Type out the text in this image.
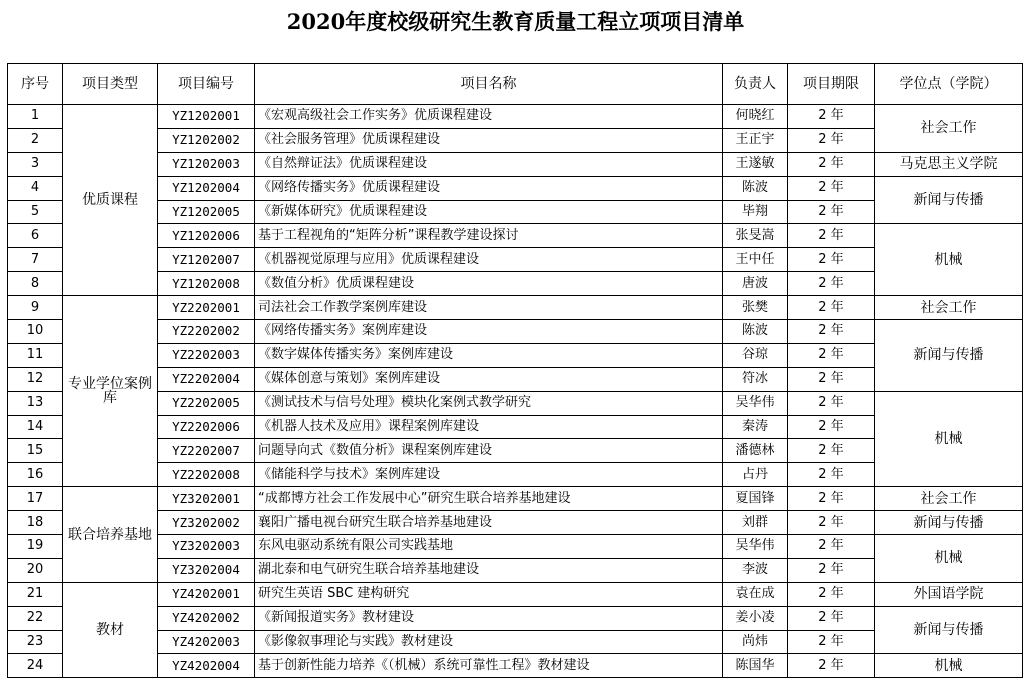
2020年度校级研究生教育质量工程立项项目清单
序号	项目类型	项目编号	项目名称	负责人	项目期限	学位点（学院）
1	优质课程	YZ1202001	《宏观高级社会工作实务》优质课程建设	何晓红	2 年	社会工作
2		YZ1202002	《社会服务管理》优质课程建设	王正宇	2 年	
3		YZ1202003	《自然辩证法》优质课程建设	王遂敏	2 年	马克思主义学院
4		YZ1202004	《网络传播实务》优质课程建设	陈波	2 年	新闻与传播
5		YZ1202005	《新媒体研究》优质课程建设	毕翔	2 年	
6		YZ1202006	基于工程视角的“矩阵分析”课程教学建设探讨	张旻嵩	2 年	机械
7		YZ1202007	《机器视觉原理与应用》优质课程建设	王中任	2 年	
8		YZ1202008	《数值分析》优质课程建设	唐波	2 年	
9	专业学位案例库	YZ2202001	司法社会工作教学案例库建设	张樊	2 年	社会工作
10		YZ2202002	《网络传播实务》案例库建设	陈波	2 年	新闻与传播
11		YZ2202003	《数字媒体传播实务》案例库建设	谷琼	2 年	
12		YZ2202004	《媒体创意与策划》案例库建设	符冰	2 年	
13		YZ2202005	《测试技术与信号处理》模块化案例式教学研究	吴华伟	2 年	机械
14		YZ2202006	《机器人技术及应用》课程案例库建设	秦涛	2 年	
15		YZ2202007	问题导向式《数值分析》课程案例库建设	潘德林	2 年	
16		YZ2202008	《储能科学与技术》案例库建设	占丹	2 年	
17	联合培养基地	YZ3202001	“成都博方社会工作发展中心”研究生联合培养基地建设	夏国锋	2 年	社会工作
18		YZ3202002	襄阳广播电视台研究生联合培养基地建设	刘群	2 年	新闻与传播
19		YZ3202003	东风电驱动系统有限公司实践基地	吴华伟	2 年	机械
20		YZ3202004	湖北泰和电气研究生联合培养基地建设	李波	2 年	
21	教材	YZ4202001	研究生英语 SBC 建构研究	袁在成	2 年	外国语学院
22		YZ4202002	《新闻报道实务》教材建设	姜小凌	2 年	新闻与传播
23		YZ4202003	《影像叙事理论与实践》教材建设	尚炜	2 年	
24		YZ4202004	基于创新性能力培养《（机械）系统可靠性工程》教材建设	陈国华	2 年	机械
